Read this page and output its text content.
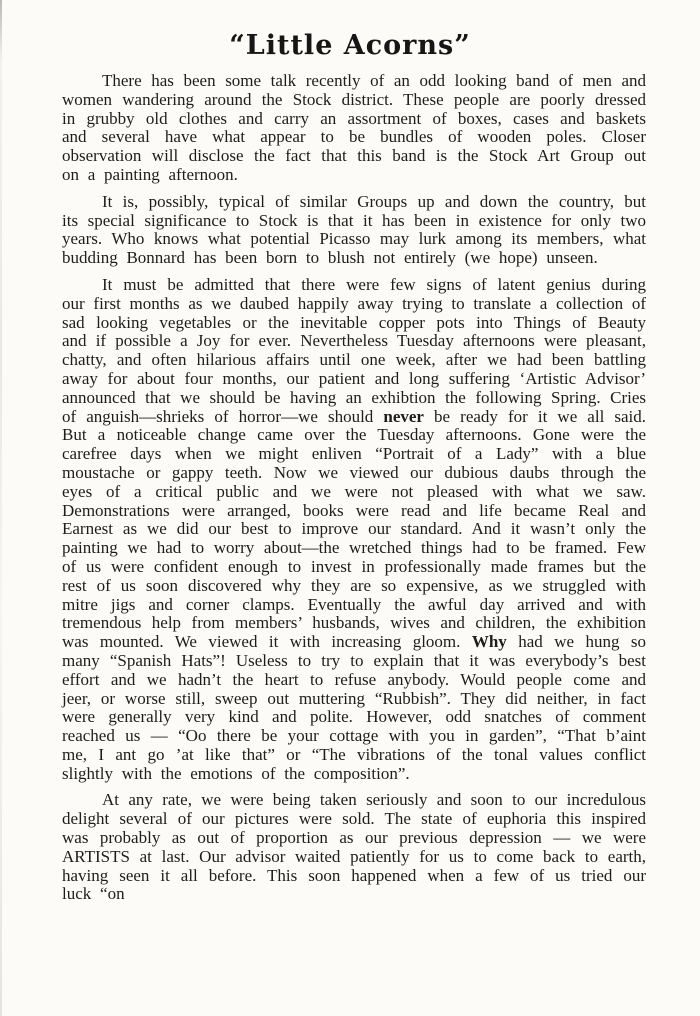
“Little Acorns”

There has been some talk recently of an odd looking band of men and women wandering around the Stock district. These people are poorly dressed in grubby old clothes and carry an assortment of boxes, cases and baskets and several have what appear to be bundles of wooden poles. Closer observation will disclose the fact that this band is the Stock Art Group out on a painting afternoon.

It is, possibly, typical of similar Groups up and down the country, but its special significance to Stock is that it has been in existence for only two years. Who knows what potential Picasso may lurk among its members, what budding Bonnard has been born to blush not entirely (we hope) unseen.

It must be admitted that there were few signs of latent genius during our first months as we daubed happily away trying to translate a collection of sad looking vegetables or the inevitable copper pots into Things of Beauty and if possible a Joy for ever. Nevertheless Tuesday afternoons were pleasant, chatty, and often hilarious affairs until one week, after we had been battling away for about four months, our patient and long suffering ‘Artistic Advisor’ announced that we should be having an exhibtion the following Spring. Cries of anguish—shrieks of horror—we should never be ready for it we all said. But a noticeable change came over the Tuesday afternoons. Gone were the carefree days when we might enliven “Portrait of a Lady” with a blue moustache or gappy teeth. Now we viewed our dubious daubs through the eyes of a critical public and we were not pleased with what we saw. Demonstrations were arranged, books were read and life became Real and Earnest as we did our best to improve our standard. And it wasn’t only the painting we had to worry about—the wretched things had to be framed. Few of us were confident enough to invest in professionally made frames but the rest of us soon discovered why they are so expensive, as we struggled with mitre jigs and corner clamps. Eventually the awful day arrived and with tremendous help from members’ husbands, wives and children, the exhibition was mounted. We viewed it with increasing gloom. Why had we hung so many “Spanish Hats”! Useless to try to explain that it was everybody’s best effort and we hadn’t the heart to refuse anybody. Would people come and jeer, or worse still, sweep out muttering “Rubbish”. They did neither, in fact were generally very kind and polite. However, odd snatches of comment reached us — “Oo there be your cottage with you in garden”, “That b’aint me, I ant go ’at like that” or “The vibrations of the tonal values conflict slightly with the emotions of the composition”.

At any rate, we were being taken seriously and soon to our incredulous delight several of our pictures were sold. The state of euphoria this inspired was probably as out of proportion as our previous depression — we were ARTISTS at last. Our advisor waited patiently for us to come back to earth, having seen it all before. This soon happened when a few of us tried our luck “on
